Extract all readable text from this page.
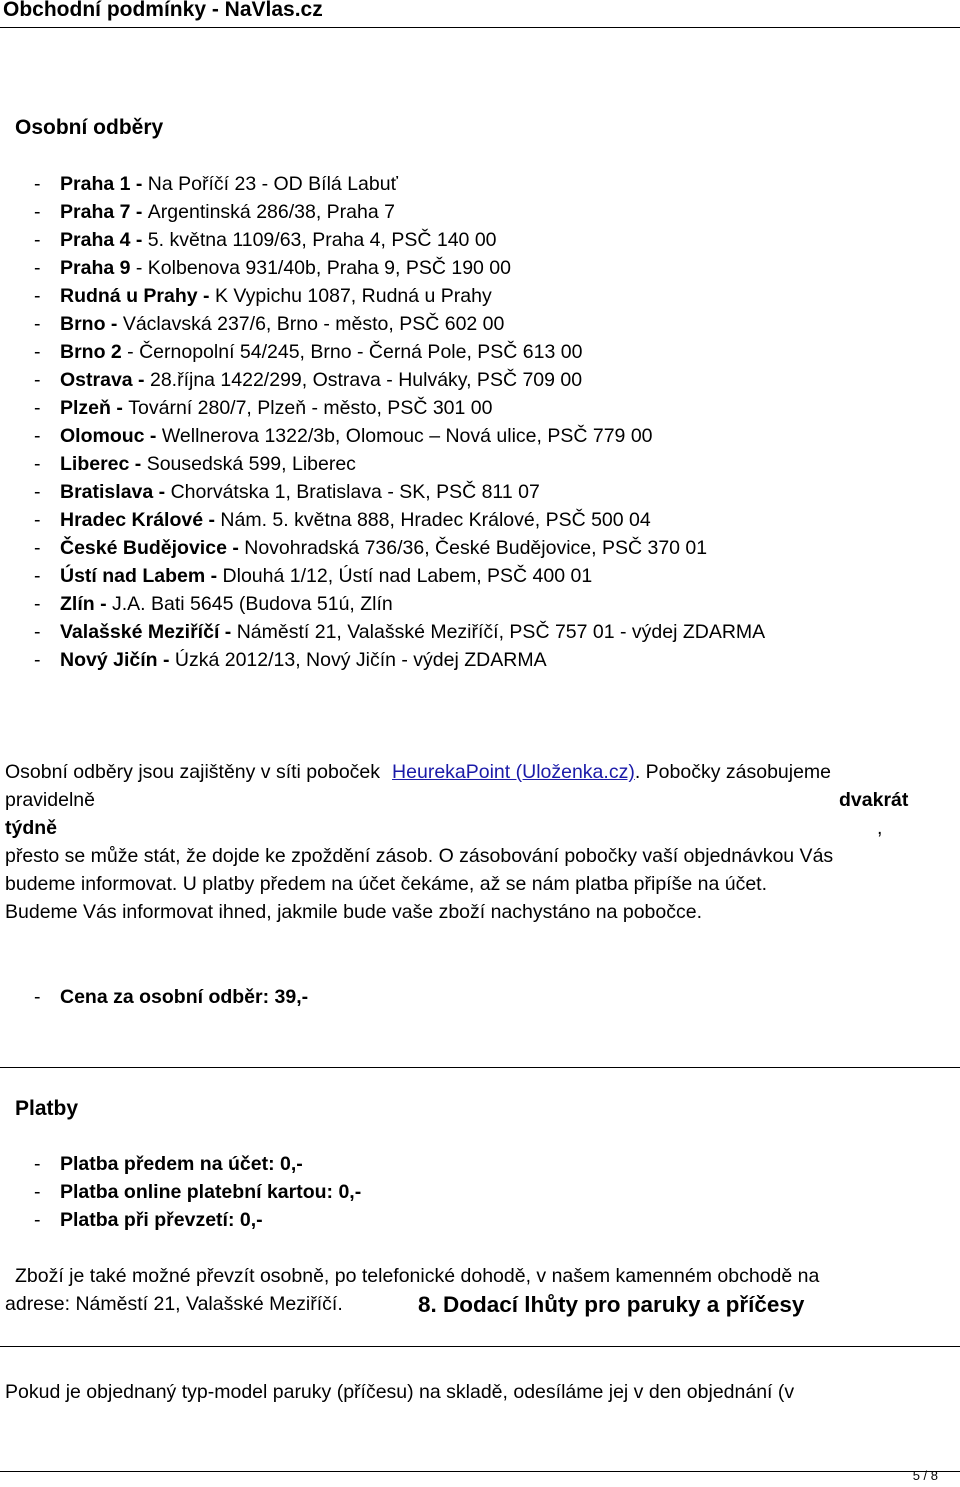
Obchodní podmínky - NaVlas.cz
Osobní odběry
- Praha 1 - Na Poříčí 23 - OD Bílá Labuť
- Praha 7 - Argentinská 286/38, Praha 7
- Praha 4 - 5. května 1109/63, Praha 4, PSČ 140 00
- Praha 9 - Kolbenova 931/40b, Praha 9, PSČ 190 00
- Rudná u Prahy - K Vypichu 1087, Rudná u Prahy
- Brno - Václavská 237/6, Brno - město, PSČ 602 00
- Brno 2 - Černopolní 54/245, Brno - Černá Pole, PSČ 613 00
- Ostrava - 28.října 1422/299, Ostrava - Hulváky, PSČ 709 00
- Plzeň - Tovární 280/7, Plzeň - město, PSČ 301 00
- Olomouc - Wellnerova 1322/3b, Olomouc – Nová ulice, PSČ 779 00
- Liberec - Sousedská 599, Liberec
- Bratislava - Chorvátska 1, Bratislava - SK, PSČ 811 07
- Hradec Králové - Nám. 5. května 888, Hradec Králové, PSČ 500 04
- České Budějovice - Novohradská 736/36, České Budějovice, PSČ 370 01
- Ústí nad Labem - Dlouhá 1/12, Ústí nad Labem, PSČ 400 01
- Zlín - J.A. Bati 5645 (Budova 51ú, Zlín
- Valašské Meziříčí - Náměstí 21, Valašské Meziříčí, PSČ 757 01 - výdej ZDARMA
- Nový Jičín - Úzká 2012/13, Nový Jičín - výdej ZDARMA
Osobní odběry jsou zajištěny v síti poboček HeurekaPoint (Uloženka.cz). Pobočky zásobujeme
pravidelně	dvakrát
týdně	,
přesto se může stát, že dojde ke zpoždění zásob. O zásobování pobočky vaší objednávkou Vás
budeme informovat. U platby předem na účet čekáme, až se nám platba připíše na účet.
Budeme Vás informovat ihned, jakmile bude vaše zboží nachystáno na pobočce.
- Cena za osobní odběr: 39,-
Platby
- Platba předem na účet: 0,-
- Platba online platební kartou: 0,-
- Platba při převzetí: 0,-
Zboží je také možné převzít osobně, po telefonické dohodě, v našem kamenném obchodě na
adrese: Náměstí 21, Valašské Meziříčí.	8. Dodací lhůty pro paruky a příčesy
Pokud je objednaný typ-model paruky (příčesu) na skladě, odesíláme jej v den objednání (v
5 / 8
